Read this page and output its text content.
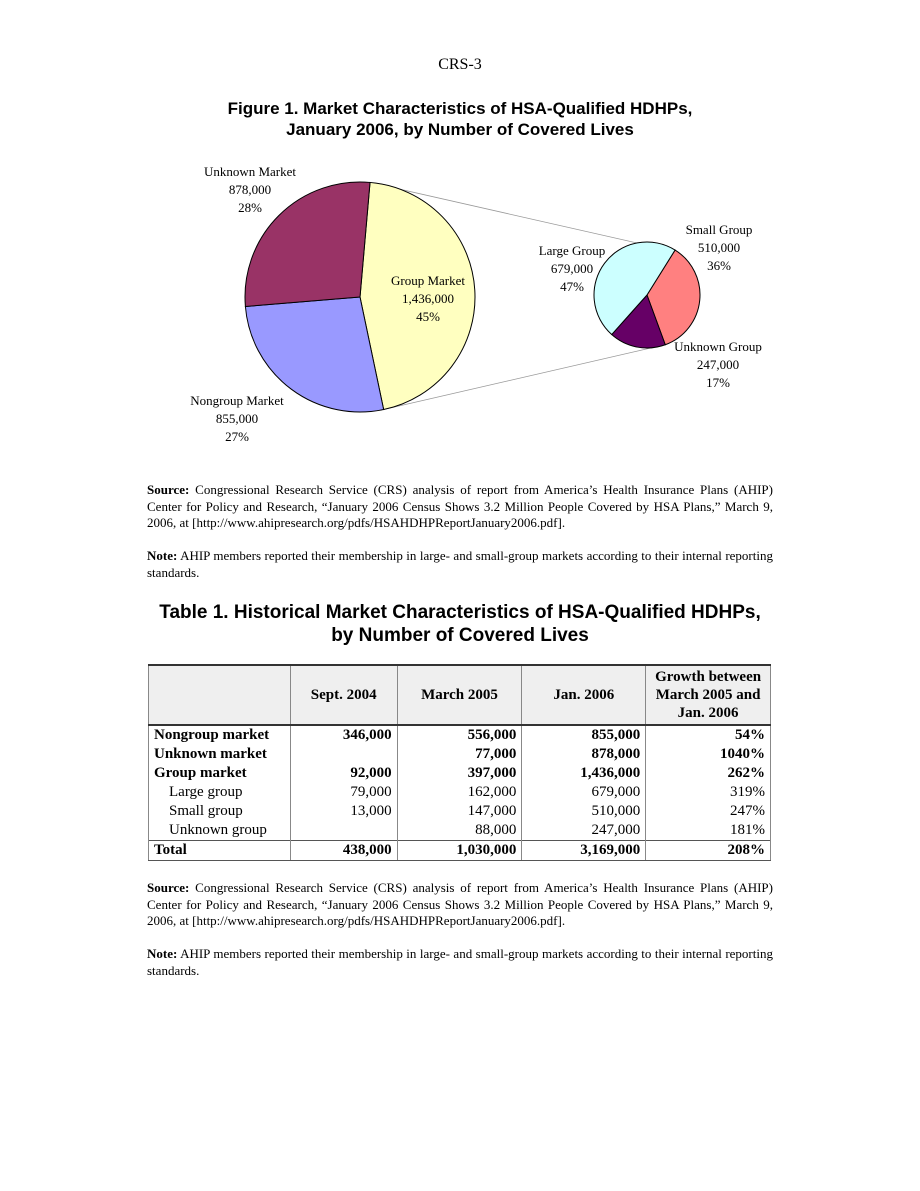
CRS-3
Figure 1. Market Characteristics of HSA-Qualified HDHPs,
January 2006, by Number of Covered Lives
Group Market
1,436,000
45%
Nongroup Market
855,000
27%
Unknown Market
878,000
28%
Small Group
510,000
36%
Unknown Group
247,000
17%
Large Group
679,000
47%
Source: Congressional Research Service (CRS) analysis of report from America’s Health Insurance Plans (AHIP) Center for Policy and Research, “January 2006 Census Shows 3.2 Million People Covered by HSA Plans,” March 9, 2006, at [http://www.ahipresearch.org/pdfs/HSAHDHPReportJanuary2006.pdf].
Note: AHIP members reported their membership in large- and small-group markets according to their internal reporting standards.
Table 1. Historical Market Characteristics of HSA-Qualified HDHPs,
by Number of Covered Lives
	Sept. 2004	March 2005	Jan. 2006	Growth between March 2005 and Jan. 2006
Nongroup market	346,000	556,000	855,000	54%
Unknown market		77,000	878,000	1040%
Group market	92,000	397,000	1,436,000	262%
Large group	79,000	162,000	679,000	319%
Small group	13,000	147,000	510,000	247%
Unknown group		88,000	247,000	181%
Total	438,000	1,030,000	3,169,000	208%
Source: Congressional Research Service (CRS) analysis of report from America’s Health Insurance Plans (AHIP) Center for Policy and Research, “January 2006 Census Shows 3.2 Million People Covered by HSA Plans,” March 9, 2006, at [http://www.ahipresearch.org/pdfs/HSAHDHPReportJanuary2006.pdf].
Note: AHIP members reported their membership in large- and small-group markets according to their internal reporting standards.
